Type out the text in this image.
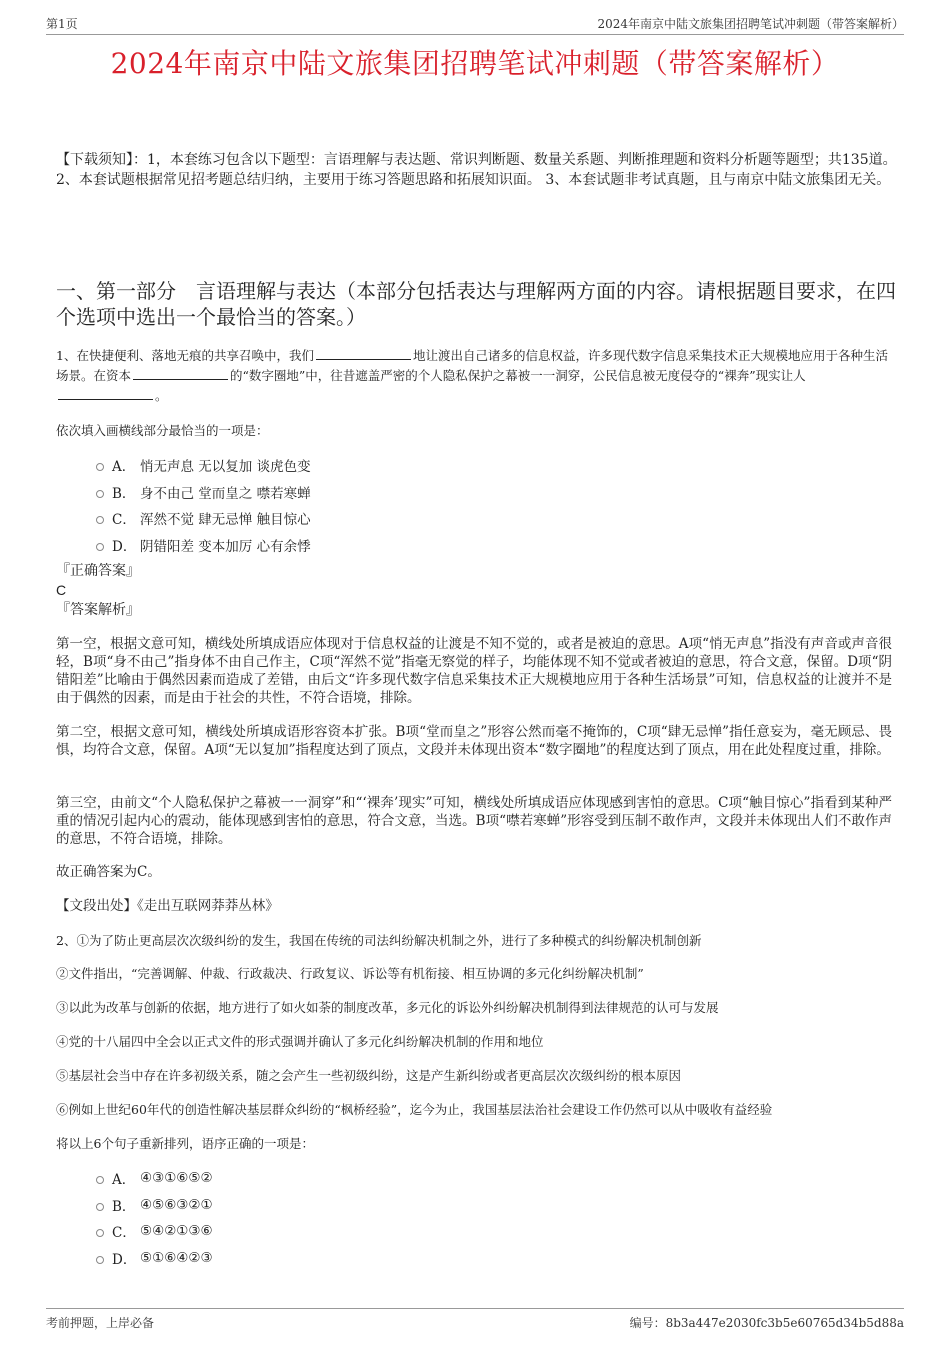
第1页	2024年南京中陆文旅集团招聘笔试冲刺题（带答案解析）
2024年南京中陆文旅集团招聘笔试冲刺题（带答案解析）
【下载须知】：1，本套练习包含以下题型：言语理解与表达题、常识判断题、数量关系题、判断推理题和资料分析题等题型；共135道。 2、本套试题根据常见招考题总结归纳，主要用于练习答题思路和拓展知识面。 3、本套试题非考试真题，且与南京中陆文旅集团无关。
一、第一部分　言语理解与表达（本部分包括表达与理解两方面的内容。请根据题目要求，在四个选项中选出一个最恰当的答案。）
1、在快捷便利、落地无痕的共享召唤中，我们	地让渡出自己诸多的信息权益，许多现代数字信息采集技术正大规模地应用于各种生活场景。在资本	的“数字圈地”中，往昔遮盖严密的个人隐私保护之幕被一一洞穿，公民信息被无度侵夺的“裸奔”现实让人。
依次填入画横线部分最恰当的一项是：
A． 悄无声息 无以复加 谈虎色变
B． 身不由己 堂而皇之 噤若寒蝉
C． 浑然不觉 肆无忌惮 触目惊心
D． 阴错阳差 变本加厉 心有余悸
『正确答案』
C
『答案解析』
第一空，根据文意可知，横线处所填成语应体现对于信息权益的让渡是不知不觉的，或者是被迫的意思。A项“悄无声息”指没有声音或声音很轻，B项“身不由己”指身体不由自己作主，C项“浑然不觉”指毫无察觉的样子，均能体现不知不觉或者被迫的意思，符合文意，保留。D项“阴错阳差”比喻由于偶然因素而造成了差错，由后文“许多现代数字信息采集技术正大规模地应用于各种生活场景”可知，信息权益的让渡并不是由于偶然的因素，而是由于社会的共性，不符合语境，排除。
第二空，根据文意可知，横线处所填成语形容资本扩张。B项“堂而皇之”形容公然而毫不掩饰的，C项“肆无忌惮”指任意妄为，毫无顾忌、畏惧，均符合文意，保留。A项“无以复加”指程度达到了顶点，文段并未体现出资本“数字圈地”的程度达到了顶点，用在此处程度过重，排除。
第三空，由前文“个人隐私保护之幕被一一洞穿”和“‘裸奔’现实”可知，横线处所填成语应体现感到害怕的意思。C项“触目惊心”指看到某种严重的情况引起内心的震动，能体现感到害怕的意思，符合文意，当选。B项“噤若寒蝉”形容受到压制不敢作声，文段并未体现出人们不敢作声的意思，不符合语境，排除。
故正确答案为C。
【文段出处】《走出互联网莽莽丛林》
2、①为了防止更高层次次级纠纷的发生，我国在传统的司法纠纷解决机制之外，进行了多种模式的纠纷解决机制创新
②文件指出，“完善调解、仲裁、行政裁决、行政复议、诉讼等有机衔接、相互协调的多元化纠纷解决机制”
③以此为改革与创新的依据，地方进行了如火如荼的制度改革，多元化的诉讼外纠纷解决机制得到法律规范的认可与发展
④党的十八届四中全会以正式文件的形式强调并确认了多元化纠纷解决机制的作用和地位
⑤基层社会当中存在许多初级关系，随之会产生一些初级纠纷，这是产生新纠纷或者更高层次次级纠纷的根本原因
⑥例如上世纪60年代的创造性解决基层群众纠纷的“枫桥经验”，迄今为止，我国基层法治社会建设工作仍然可以从中吸收有益经验
将以上6个句子重新排列，语序正确的一项是：
A． ④③①⑥⑤②
B． ④⑤⑥③②①
C． ⑤④②①③⑥
D． ⑤①⑥④②③
考前押题，上岸必备	编号：8b3a447e2030fc3b5e60765d34b5d88a
